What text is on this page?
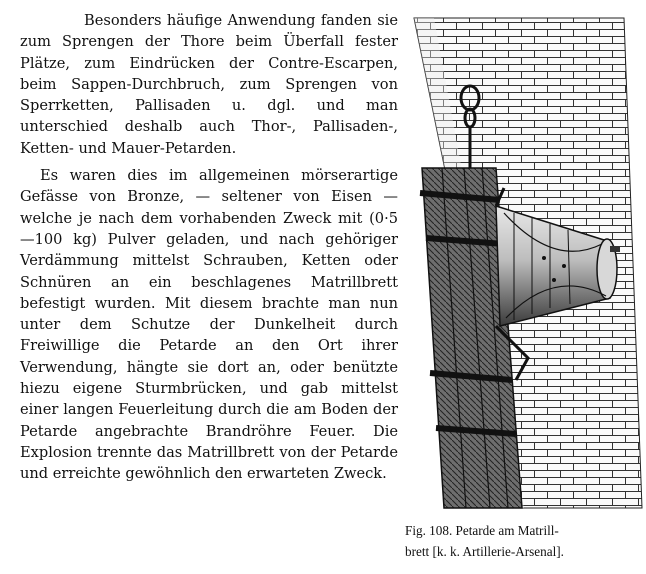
Besonders häufige Anwendung fanden sie zum Sprengen der Thore beim Überfall fester Plätze, zum Eindrücken der Contre-Escarpen, beim Sappen-Durchbruch, zum Sprengen von Sperrketten, Pallisaden u. dgl. und man unterschied deshalb auch Thor-, Pallisaden-, Ketten- und Mauer-Petarden.

Es waren dies im allgemeinen mörserartige Gefässe von Bronze, — seltener von Eisen — welche je nach dem vorhabenden Zweck mit (0·5—100 kg) Pulver geladen, und nach gehöriger Verdämmung mittelst Schrauben, Ketten oder Schnüren an ein beschlagenes Matrillbrett befestigt wurden. Mit diesem brachte man nun unter dem Schutze der Dunkelheit durch Freiwillige die Petarde an den Ort ihrer Verwendung, hängte sie dort an, oder benützte hiezu eigene Sturmbrücken, und gab mittelst einer langen Feuerleitung durch die am Boden der Petarde angebrachte Brandröhre Feuer. Die Explosion trennte das Matrillbrett von der Petarde und erreichte gewöhnlich den erwarteten Zweck.

Fig. 108. Petarde am Matrill-
brett [k. k. Artillerie-Arsenal].
